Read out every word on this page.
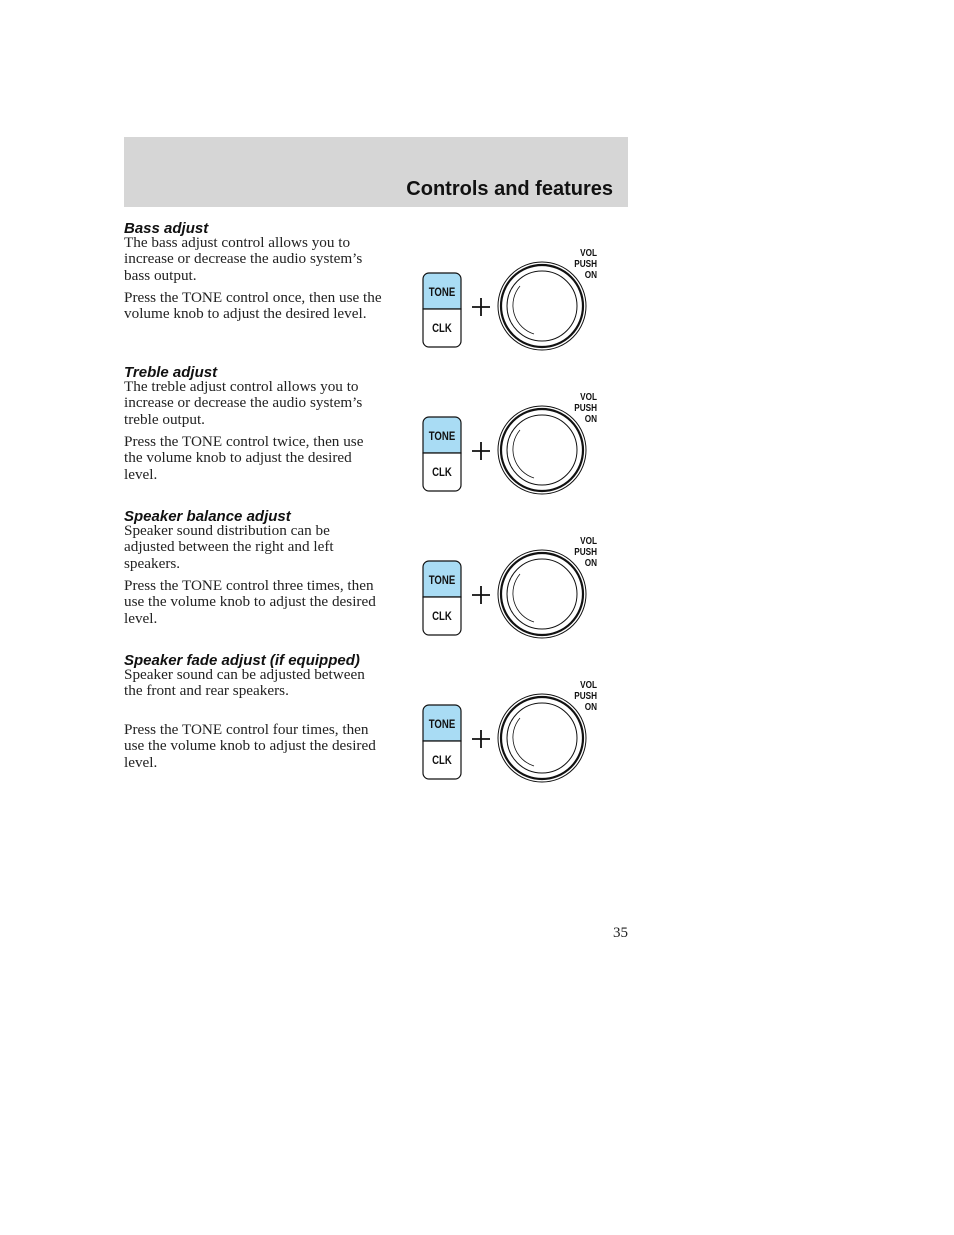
Controls and features
Bass adjust
The bass adjust control allows you to increase or decrease the audio system’s bass output.
Press the TONE control once, then use the volume knob to adjust the desired level.
TONE
CLK
VOL
PUSH
ON
Treble adjust
The treble adjust control allows you to increase or decrease the audio system’s treble output.
Press the TONE control twice, then use the volume knob to adjust the desired level.
TONE
CLK
VOL
PUSH
ON
Speaker balance adjust
Speaker sound distribution can be adjusted between the right and left speakers.
Press the TONE control three times, then use the volume knob to adjust the desired level.
TONE
CLK
VOL
PUSH
ON
Speaker fade adjust (if equipped)
Speaker sound can be adjusted between the front and rear speakers.
Press the TONE control four times, then use the volume knob to adjust the desired level.
TONE
CLK
VOL
PUSH
ON
35
